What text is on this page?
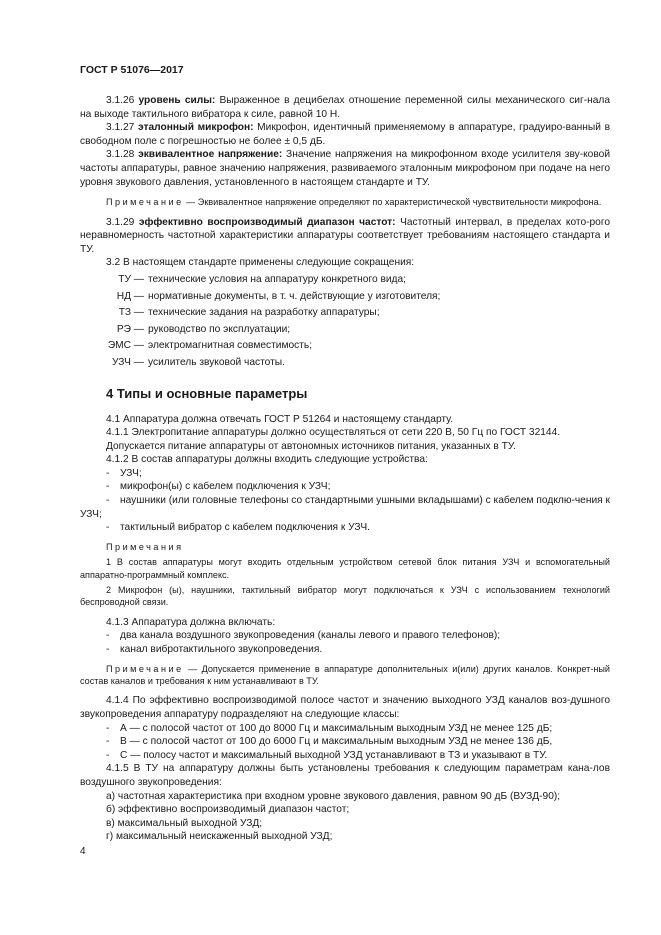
ГОСТ Р 51076—2017

3.1.26 уровень силы: Выраженное в децибелах отношение переменной силы механического сиг-нала на выходе тактильного вибратора к силе, равной 10 Н.

3.1.27 эталонный микрофон: Микрофон, идентичный применяемому в аппаратуре, градуиро-ванный в свободном поле с погрешностью не более ± 0,5 дБ.

3.1.28 эквивалентное напряжение: Значение напряжения на микрофонном входе усилителя зву-ковой частоты аппаратуры, равное значению напряжения, развиваемого эталонным микрофоном при подаче на него уровня звукового давления, установленного в настоящем стандарте и ТУ.

Примечание — Эквивалентное напряжение определяют по характеристической чувствительности микрофона.

3.1.29 эффективно воспроизводимый диапазон частот: Частотный интервал, в пределах кото-рого неравномерность частотной характеристики аппаратуры соответствует требованиям настоящего стандарта и ТУ.

3.2 В настоящем стандарте применены следующие сокращения:

ТУ — технические условия на аппаратуру конкретного вида;
НД — нормативные документы, в т. ч. действующие у изготовителя;
ТЗ — технические задания на разработку аппаратуры;
РЭ — руководство по эксплуатации;
ЭМС — электромагнитная совместимость;
УЗЧ — усилитель звуковой частоты.
4 Типы и основные параметры

4.1 Аппаратура должна отвечать ГОСТ Р 51264 и настоящему стандарту.

4.1.1 Электропитание аппаратуры должно осуществляться от сети 220 В, 50 Гц по ГОСТ 32144.

Допускается питание аппаратуры от автономных источников питания, указанных в ТУ.

4.1.2 В состав аппаратуры должны входить следующие устройства:

- УЗЧ;

- микрофон(ы) с кабелем подключения к УЗЧ;

- наушники (или головные телефоны со стандартными ушными вкладышами) с кабелем подклю-чения к УЗЧ;

- тактильный вибратор с кабелем подключения к УЗЧ.

Примечания

1 В состав аппаратуры могут входить отдельным устройством сетевой блок питания УЗЧ и вспомогательный аппаратно-программный комплекс.

2 Микрофон (ы), наушники, тактильный вибратор могут подключаться к УЗЧ с использованием технологий беспроводной связи.

4.1.3 Аппаратура должна включать:

- два канала воздушного звукопроведения (каналы левого и правого телефонов);

- канал вибротактильного звукопроведения.

Примечание — Допускается применение в аппаратуре дополнительных и(или) других каналов. Конкрет-ный состав каналов и требования к ним устанавливают в ТУ.

4.1.4 По эффективно воспроизводимой полосе частот и значению выходного УЗД каналов воз-душного звукопроведения аппаратуру подразделяют на следующие классы:

- А — с полосой частот от 100 до 8000 Гц и максимальным выходным УЗД не менее 125 дБ;

- В — с полосой частот от 100 до 6000 Гц и максимальным выходным УЗД не менее 136 дБ,

- С — полосу частот и максимальный выходной УЗД устанавливают в ТЗ и указывают в ТУ.

4.1.5 В ТУ на аппаратуру должны быть установлены требования к следующим параметрам кана-лов воздушного звукопроведения:

а) частотная характеристика при входном уровне звукового давления, равном 90 дБ (ВУЗД-90);

б) эффективно воспроизводимый диапазон частот;

в) максимальный выходной УЗД;

г) максимальный неискаженный выходной УЗД;

4
